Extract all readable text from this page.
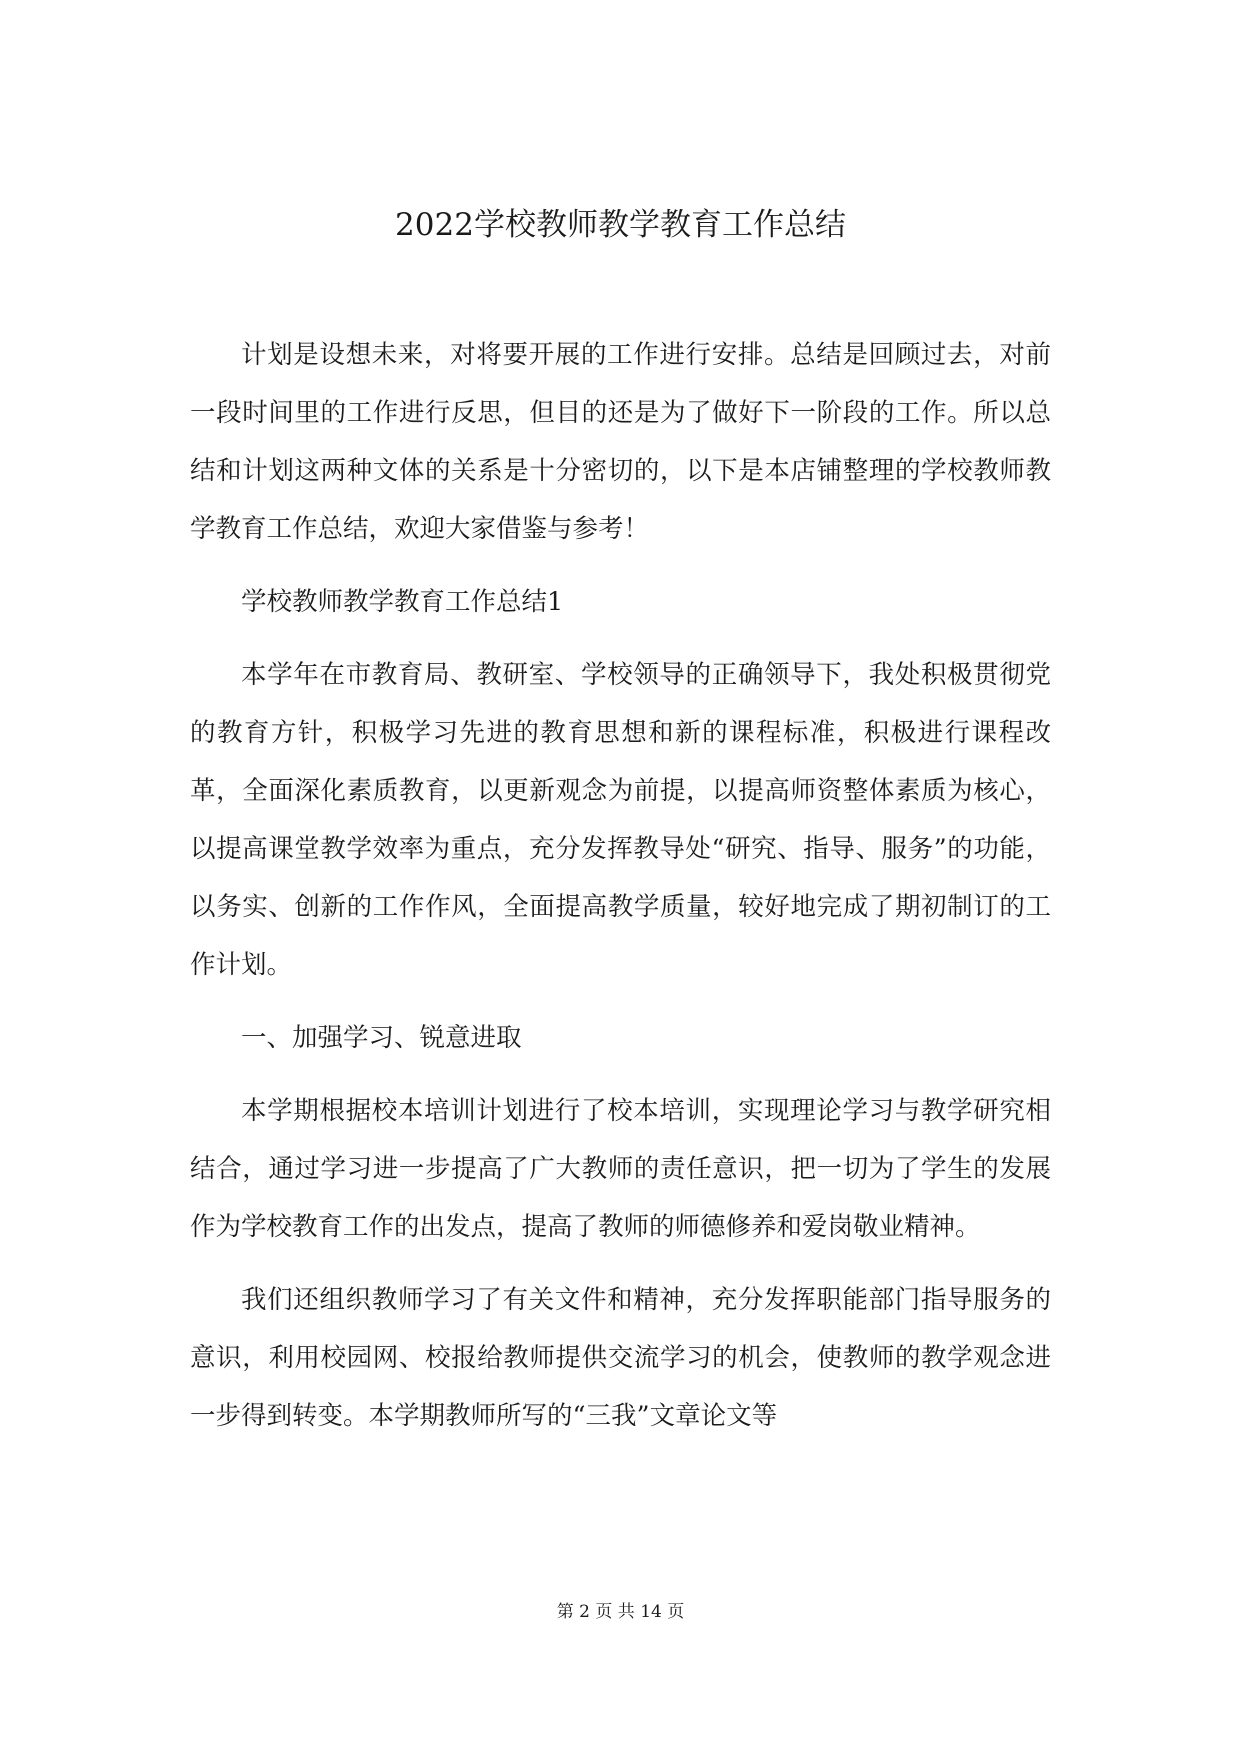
2022学校教师教学教育工作总结

计划是设想未来，对将要开展的工作进行安排。总结是回顾过去，对前一段时间里的工作进行反思，但目的还是为了做好下一阶段的工作。所以总结和计划这两种文体的关系是十分密切的，以下是本店铺整理的学校教师教学教育工作总结，欢迎大家借鉴与参考！

学校教师教学教育工作总结1

本学年在市教育局、教研室、学校领导的正确领导下，我处积极贯彻党的教育方针，积极学习先进的教育思想和新的课程标准，积极进行课程改革，全面深化素质教育，以更新观念为前提，以提高师资整体素质为核心，以提高课堂教学效率为重点，充分发挥教导处“研究、指导、服务”的功能，以务实、创新的工作作风，全面提高教学质量，较好地完成了期初制订的工作计划。

一、加强学习、锐意进取

本学期根据校本培训计划进行了校本培训，实现理论学习与教学研究相结合，通过学习进一步提高了广大教师的责任意识，把一切为了学生的发展作为学校教育工作的出发点，提高了教师的师德修养和爱岗敬业精神。

我们还组织教师学习了有关文件和精神，充分发挥职能部门指导服务的意识，利用校园网、校报给教师提供交流学习的机会，使教师的教学观念进一步得到转变。本学期教师所写的“三我”文章论文等

第 2 页 共 14 页
